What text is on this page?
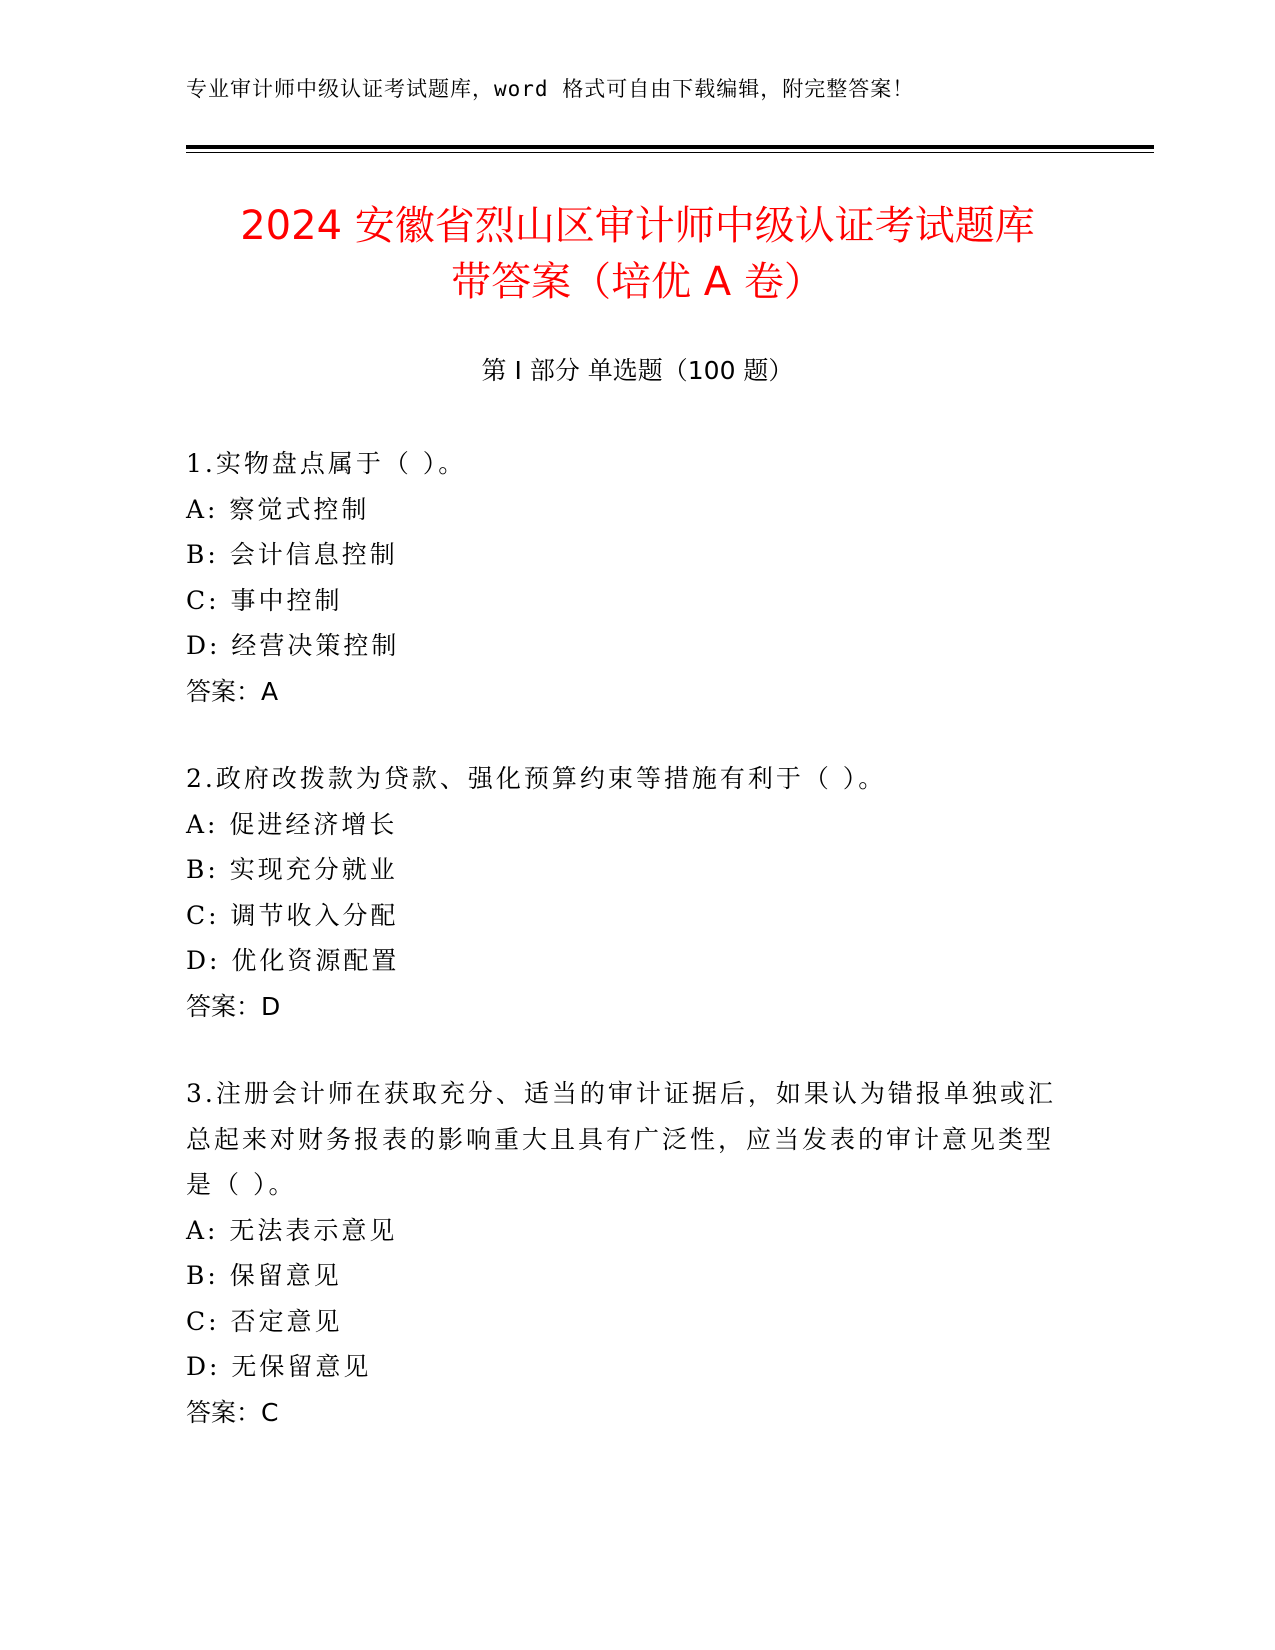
专业审计师中级认证考试题库，word 格式可自由下载编辑，附完整答案！
2024 安徽省烈山区审计师中级认证考试题库
带答案（培优 A 卷）
第 I 部分 单选题（100 题）
1.实物盘点属于（ ）。
A: 察觉式控制
B: 会计信息控制
C: 事中控制
D: 经营决策控制
答案：A
2.政府改拨款为贷款、强化预算约束等措施有利于（ ）。
A: 促进经济增长
B: 实现充分就业
C: 调节收入分配
D: 优化资源配置
答案：D
3.注册会计师在获取充分、适当的审计证据后，如果认为错报单独或汇总起来对财务报表的影响重大且具有广泛性，应当发表的审计意见类型是（ ）。
A: 无法表示意见
B: 保留意见
C: 否定意见
D: 无保留意见
答案：C
